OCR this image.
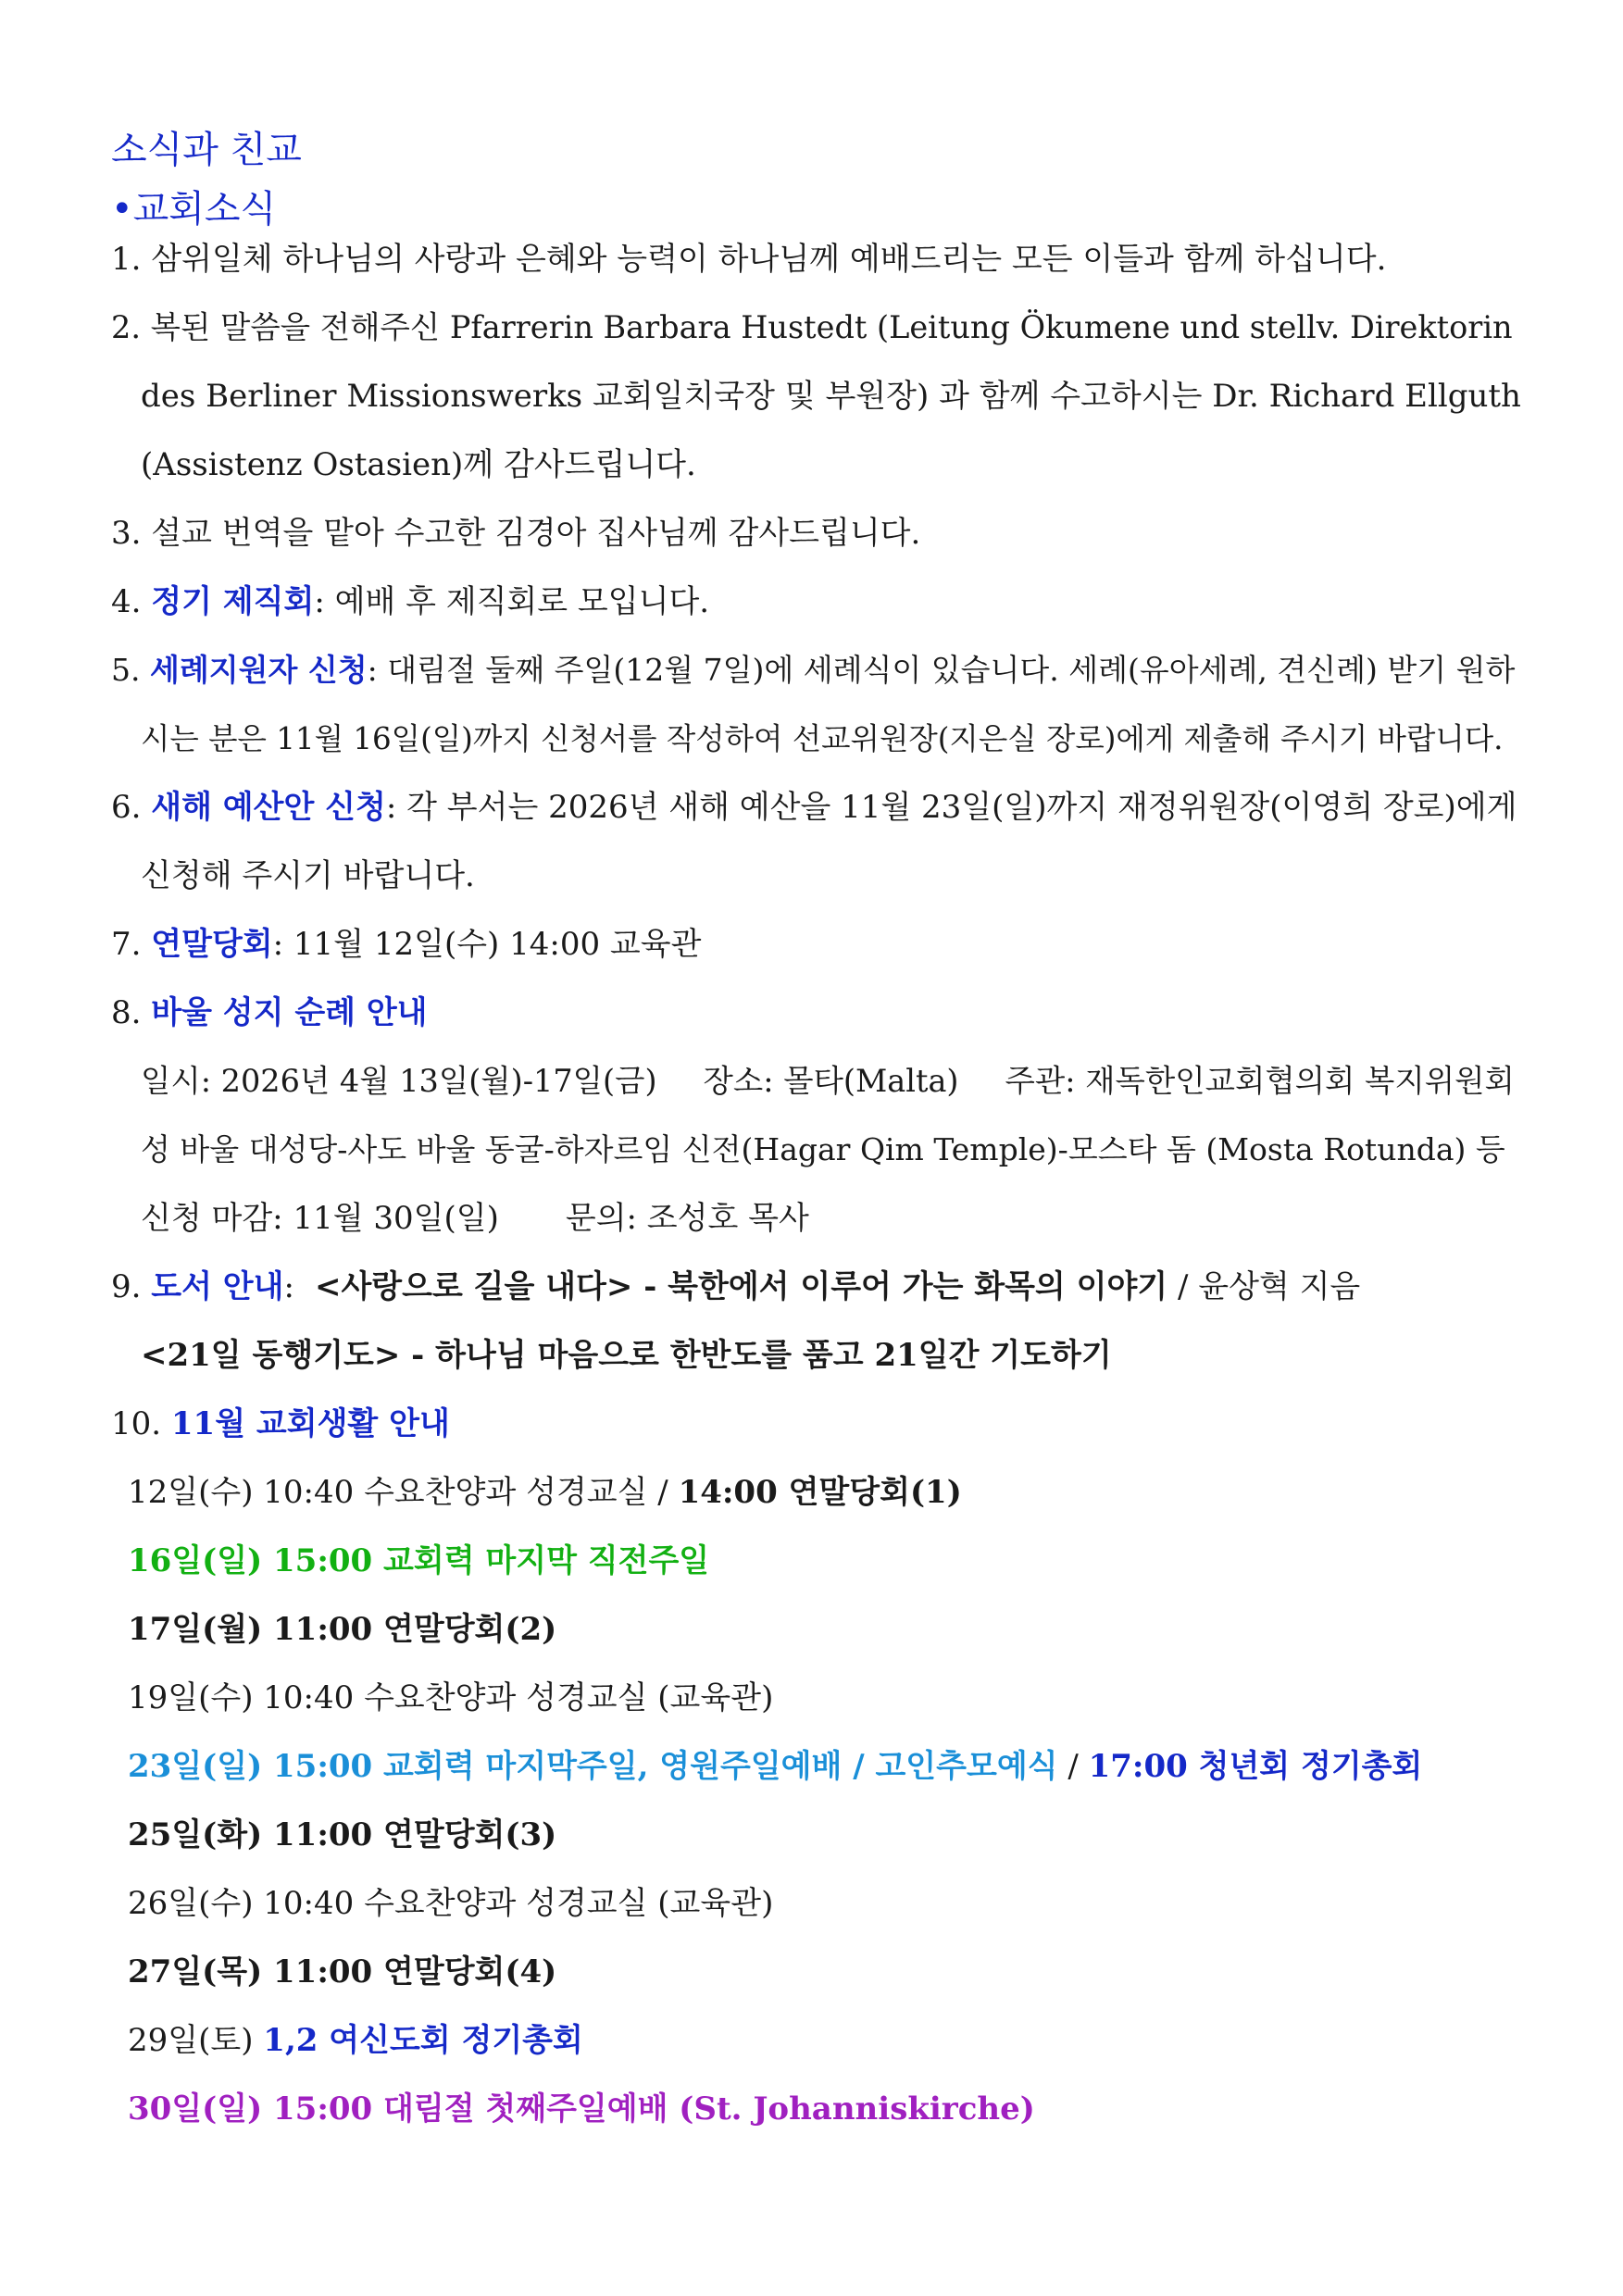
소식과 친교
•교회소식
1. 삼위일체 하나님의 사랑과 은혜와 능력이 하나님께 예배드리는 모든 이들과 함께 하십니다.
2. 복된 말씀을 전해주신 Pfarrerin Barbara Hustedt (Leitung Ökumene und stellv. Direktorin
des Berliner Missionswerks 교회일치국장 및 부원장) 과 함께 수고하시는 Dr. Richard Ellguth
(Assistenz Ostasien)께 감사드립니다.
3. 설교 번역을 맡아 수고한 김경아 집사님께 감사드립니다.
4. 정기 제직회: 예배 후 제직회로 모입니다.
5. 세례지원자 신청: 대림절 둘째 주일(12월 7일)에 세례식이 있습니다. 세례(유아세례, 견신례) 받기 원하
시는 분은 11월 16일(일)까지 신청서를 작성하여 선교위원장(지은실 장로)에게 제출해 주시기 바랍니다.
6. 새해 예산안 신청: 각 부서는 2026년 새해 예산을 11월 23일(일)까지 재정위원장(이영희 장로)에게
신청해 주시기 바랍니다.
7. 연말당회: 11월 12일(수) 14:00 교육관
8. 바울 성지 순례 안내
일시: 2026년 4월 13일(월)-17일(금) 장소: 몰타(Malta) 주관: 재독한인교회협의회 복지위원회
성 바울 대성당-사도 바울 동굴-하자르임 신전(Hagar Qim Temple)-모스타 돔 (Mosta Rotunda) 등
신청 마감: 11월 30일(일) 문의: 조성호 목사
9. 도서 안내: <사랑으로 길을 내다> - 북한에서 이루어 가는 화목의 이야기 / 윤상혁 지음
<21일 동행기도> - 하나님 마음으로 한반도를 품고 21일간 기도하기
10. 11월 교회생활 안내
12일(수) 10:40 수요찬양과 성경교실 / 14:00 연말당회(1)
16일(일) 15:00 교회력 마지막 직전주일
17일(월) 11:00 연말당회(2)
19일(수) 10:40 수요찬양과 성경교실 (교육관)
23일(일) 15:00 교회력 마지막주일, 영원주일예배 / 고인추모예식 / 17:00 청년회 정기총회
25일(화) 11:00 연말당회(3)
26일(수) 10:40 수요찬양과 성경교실 (교육관)
27일(목) 11:00 연말당회(4)
29일(토) 1,2 여신도회 정기총회
30일(일) 15:00 대림절 첫째주일예배 (St. Johanniskirche)
